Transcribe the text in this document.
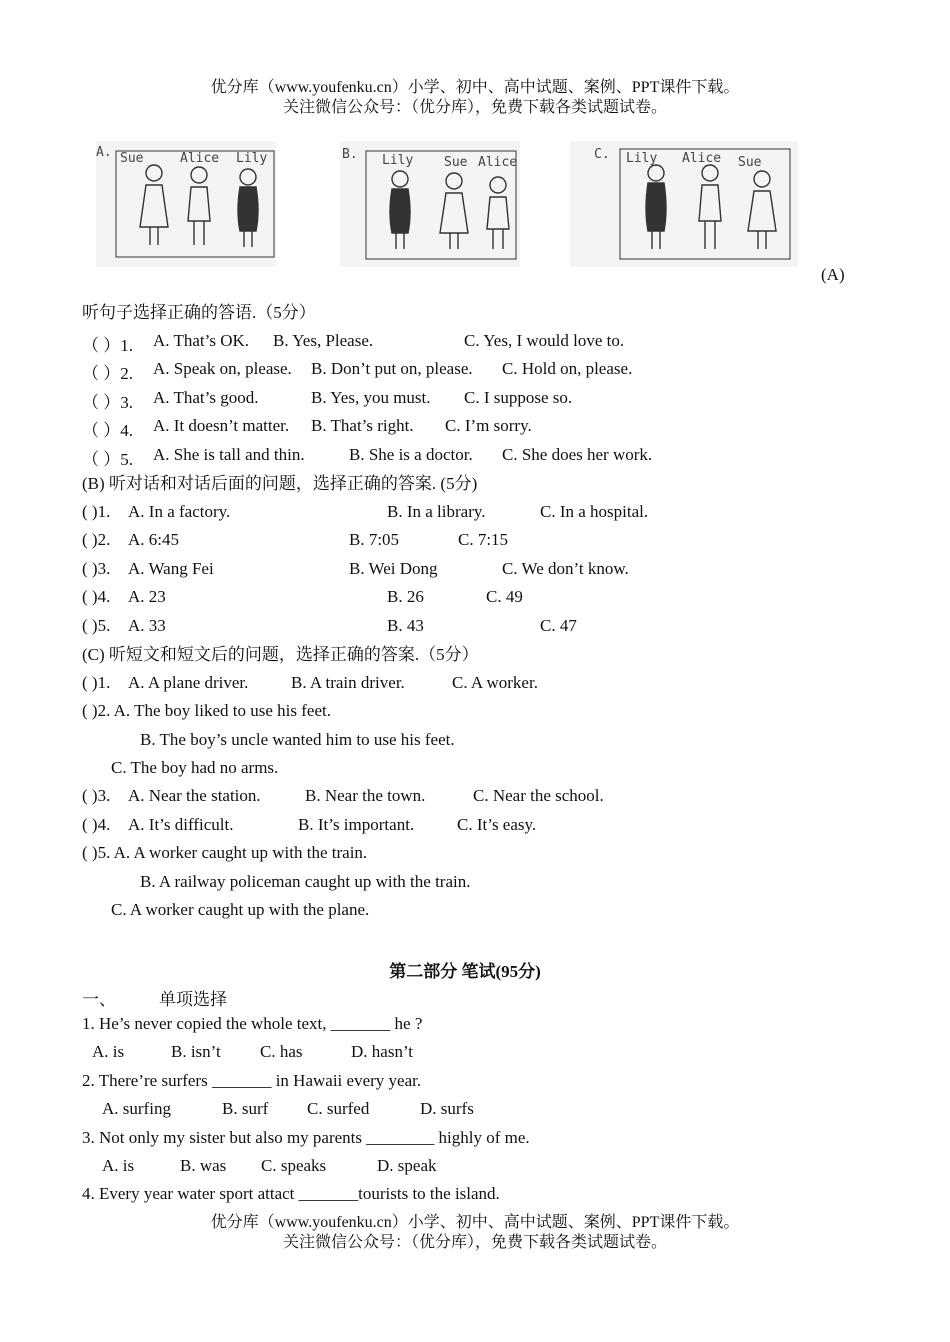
优分库（www.youfenku.cn）小学、初中、高中试题、案例、PPT课件下载。
关注微信公众号：（优分库），免费下载各类试题试卷。
A. Sue	Alice Lily	B. Lily Sue Alice
C. Lily Alice Sue
(A)
听句子选择正确的答语.（5分）
（ ）1. A. That’s OK. B. Yes, Please.	C. Yes, I would love to.
（ ）2. A. Speak on, please. B. Don’t put on, please. C. Hold on, please.
（ ）3. A. That’s good.	B. Yes, you must. C. I suppose so.
（ ）4. A. It doesn’t matter. B. That’s right. C. I’m sorry.
（ ）5. A. She is tall and thin.	B. She is a doctor. C. She does her work.
(B) 听对话和对话后面的问题，选择正确的答案. (5分)
( )1. A. In a factory.	B. In a library.	C. In a hospital.
( )2. A. 6:45	B. 7:05	C. 7:15
( )3. A. Wang Fei	B. Wei Dong	C. We don’t know.
( )4. A. 23	B. 26	C. 49
( )5. A. 33	B. 43	C. 47
(C) 听短文和短文后的问题，选择正确的答案.（5分）
( )1. A. A plane driver.	B. A train driver.	C. A worker.
( )2. A. The boy liked to use his feet.
B. The boy’s uncle wanted him to use his feet.
C. The boy had no arms.
( )3. A. Near the station.	B. Near the town.	C. Near the school.
( )4. A. It’s difficult.	B. It’s important.	C. It’s easy.
( )5. A. A worker caught up with the train.
B. A railway policeman caught up with the train.
C. A worker caught up with the plane.
第二部分 笔试(95分)
一、	单项选择
1. He’s never copied the whole text, _______ he ?
A. is	B. isn’t C. has	D. hasn’t
2. There’re surfers _______ in Hawaii every year.
A. surfing	B. surf C. surfed	D. surfs
3. Not only my sister but also my parents ________ highly of me.
A. is	B. was C. speaks	D. speak
4. Every year water sport attact _______tourists to the island.
优分库（www.youfenku.cn）小学、初中、高中试题、案例、PPT课件下载。
关注微信公众号：（优分库），免费下载各类试题试卷。
